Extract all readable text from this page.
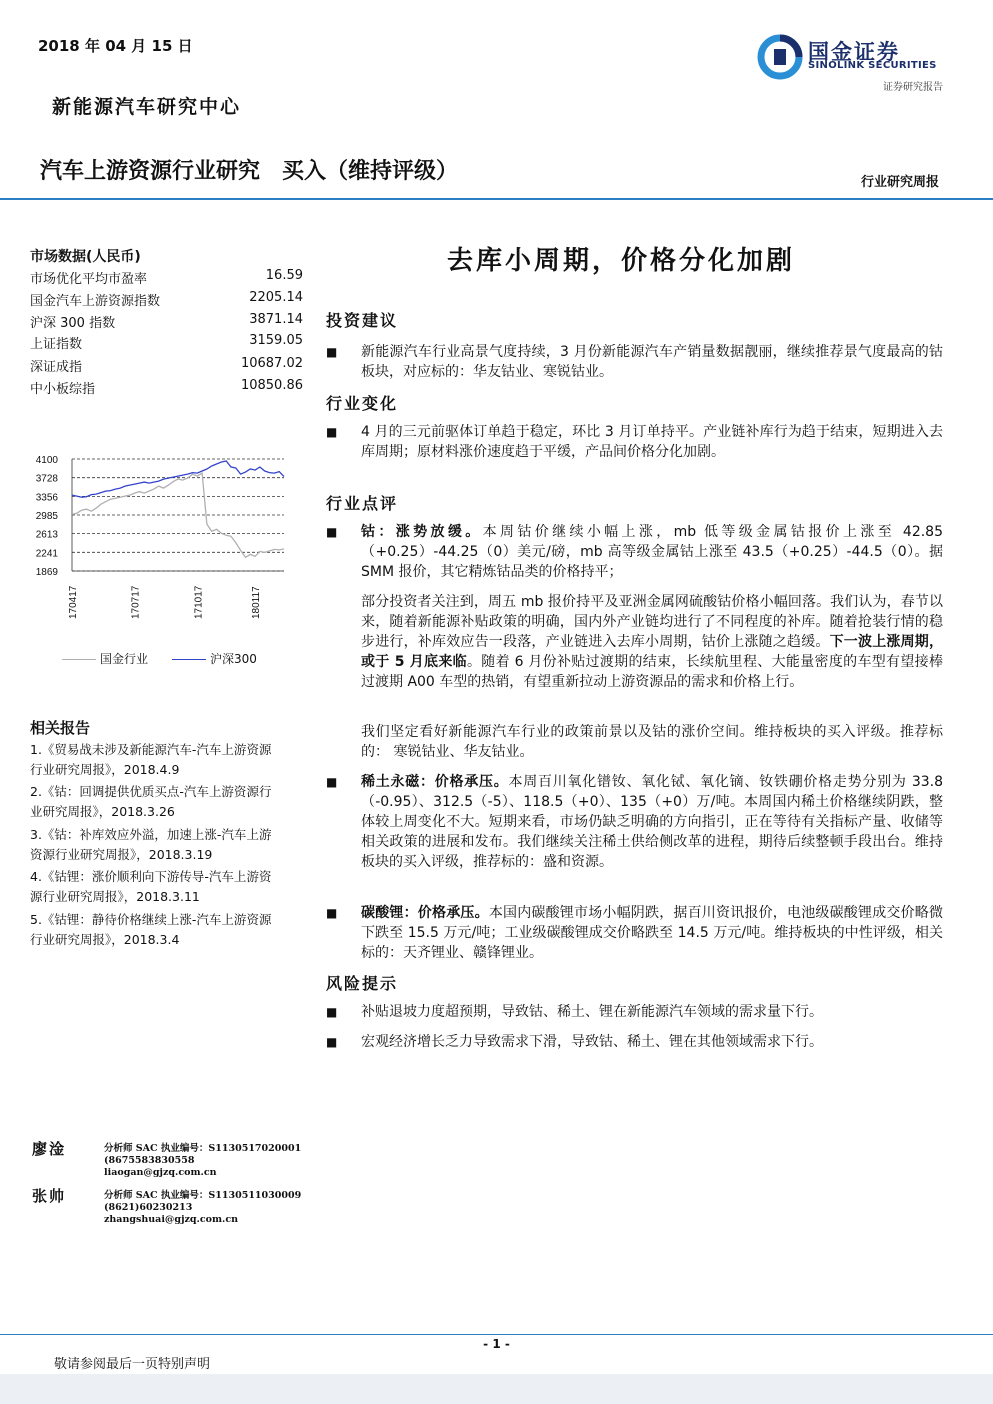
2018 年 04 月 15 日
新能源汽车研究中心
汽车上游资源行业研究 买入（维持评级）	行业研究周报
国金证券
SINOLINK SECURITIES
证券研究报告
市场数据(人民币)
市场优化平均市盈率	16.59
国金汽车上游资源指数	2205.14
沪深 300 指数	3871.14
上证指数	3159.05
深证成指	10687.02
中小板综指	10850.86
4100
3728
3356
2985
2613
2241
1869
170417	170717	171017	180117
国金行业	沪深300
相关报告
1.《贸易战未涉及新能源汽车-汽车上游资源
行业研究周报》，2018.4.9
2.《钴：回调提供优质买点-汽车上游资源行
业研究周报》，2018.3.26
3.《钴：补库效应外溢，加速上涨-汽车上游
资源行业研究周报》，2018.3.19
4.《钴锂：涨价顺利向下游传导-汽车上游资
源行业研究周报》，2018.3.11
5.《钴锂：静待价格继续上涨-汽车上游资源
行业研究周报》，2018.3.4
去库小周期，价格分化加剧
投资建议
■ 新能源汽车行业高景气度持续，3 月份新能源汽车产销量数据靓丽，继续推荐景气度最高的钴板块，对应标的：华友钴业、寒锐钴业。
行业变化
■ 4 月的三元前驱体订单趋于稳定，环比 3 月订单持平。产业链补库行为趋于结束，短期进入去库周期；原材料涨价速度趋于平缓，产品间价格分化加剧。
行业点评
■ 钴：涨势放缓。本周钴价继续小幅上涨，mb 低等级金属钴报价上涨至 42.85（+0.25）-44.25（0）美元/磅，mb 高等级金属钴上涨至 43.5（+0.25）-44.5（0）。据 SMM 报价，其它精炼钴品类的价格持平；
部分投资者关注到，周五 mb 报价持平及亚洲金属网硫酸钴价格小幅回落。我们认为，春节以来，随着新能源补贴政策的明确，国内外产业链均进行了不同程度的补库。随着抢装行情的稳步进行，补库效应告一段落，产业链进入去库小周期，钴价上涨随之趋缓。下一波上涨周期，或于 5 月底来临。随着 6 月份补贴过渡期的结束，长续航里程、大能量密度的车型有望接棒过渡期 A00 车型的热销，有望重新拉动上游资源品的需求和价格上行。
我们坚定看好新能源汽车行业的政策前景以及钴的涨价空间。维持板块的买入评级。推荐标的： 寒锐钴业、华友钴业。
■ 稀土永磁：价格承压。本周百川氧化镨钕、氧化铽、氧化镝、钕铁硼价格走势分别为 33.8（-0.95）、312.5（-5）、118.5（+0）、135（+0）万/吨。本周国内稀土价格继续阴跌，整体较上周变化不大。短期来看，市场仍缺乏明确的方向指引，正在等待有关指标产量、收储等相关政策的进展和发布。我们继续关注稀土供给侧改革的进程，期待后续整顿手段出台。维持板块的买入评级，推荐标的：盛和资源。
■ 碳酸锂：价格承压。本国内碳酸锂市场小幅阴跌，据百川资讯报价，电池级碳酸锂成交价略微下跌至 15.5 万元/吨；工业级碳酸锂成交价略跌至 14.5 万元/吨。维持板块的中性评级，相关标的：天齐锂业、赣锋锂业。
风险提示
■ 补贴退坡力度超预期，导致钴、稀土、锂在新能源汽车领域的需求量下行。
■ 宏观经济增长乏力导致需求下滑，导致钴、稀土、锂在其他领域需求下行。
廖淦	分析师 SAC 执业编号：S1130517020001
(8675583830558
liaogan@gjzq.com.cn
张帅	分析师 SAC 执业编号：S1130511030009
(8621)60230213
zhangshuai@gjzq.com.cn
- 1 -
敬请参阅最后一页特别声明
